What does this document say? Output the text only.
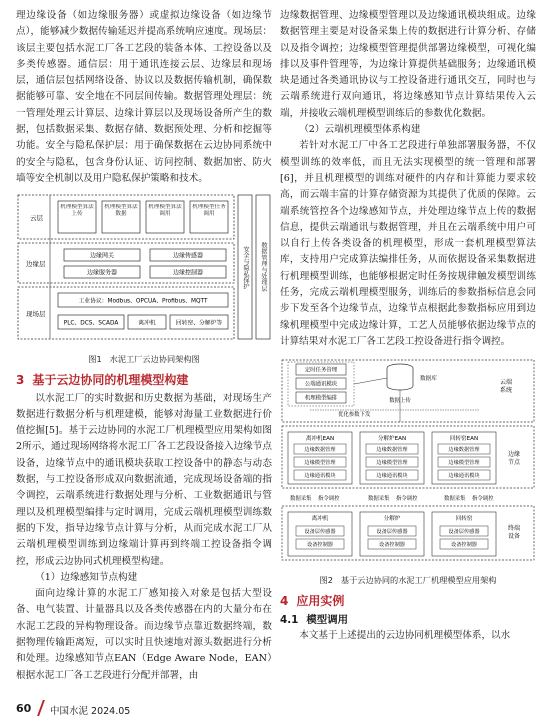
理边缘设备（如边缘服务器）或虚拟边缘设备（如边缘节点），能够减少数据传输延迟并提高系统响应速度。现场层：该层主要包括水泥工厂各工艺段的装备本体、工控设备以及多类传感器。通信层：用于通讯连接云层、边缘层和现场层，通信层包括网络设备、协议以及数据传输机制，确保数据能够可靠、安全地在不同层间传输。数据管理处理层：统一管理处理云计算层、边缘计算层以及现场设备所产生的数据，包括数据采集、数据存储、数据预处理、分析和挖掘等功能。安全与隐私保护层：用于确保数据在云边协同系统中的安全与隐私，包含身份认证、访问控制、数据加密、防火墙等安全机制以及用户隐私保护策略和技术。

云层
边缘层
现场层
机理模型算法上传
机理模型算法数据
机理模型算法调用
机理模型任务调用
边缘网关	边缘传感器
边缘服务器	边缘控制器
工业协议：Modbus、OPCUA、Profibus、MQTT
PLC、DCS、SCADA	离冲机	回转窑、分解炉等
安全与隐私保护 数据管理与处理层
图1 水泥工厂云边协同架构图
3 基于云边协同的机理模型构建

以水泥工厂的实时数据和历史数据为基础，对现场生产数据进行数据分析与机理建模，能够对海量工业数据进行价值挖掘[5]。基于云边协同的水泥工厂机理模型应用架构如图2所示，通过现场网络将水泥工厂各工艺段设备接入边缘节点设备，边缘节点中的通讯模块获取工控设备中的静态与动态数据，与工控设备形成双向数据流通，完成现场设备端的指令调控，云端系统进行数据处理与分析、工业数据通讯与管理以及机理模型编排与定时调用，完成云端机理模型训练数据的下发，指导边缘节点计算与分析，从而完成水泥工厂从云端机理模型训练到边缘端计算再到终端工控设备指令调控，形成云边协同式机理模型构建。

（1）边缘感知节点构建

面向边缘计算的水泥工厂感知接入对象是包括大型设备、电气装置、计量器具以及各类传感器在内的大量分布在水泥工艺段的异构物理设备。而边缘节点靠近数据终端，数据物理传输距离短，可以实时且快速地对源头数据进行分析和处理。边缘感知节点EAN（Edge Aware Node，EAN）根据水泥工厂各工艺段进行分配并部署，由

边缘数据管理、边缘模型管理以及边缘通讯模块组成。边缘数据管理主要是对设备采集上传的数据进行计算分析、存储以及指令调控；边缘模型管理提供部署边缘模型，可视化编排以及事件管理等，为边缘计算提供基础服务；边缘通讯模块是通过各类通讯协议与工控设备进行通讯交互，同时也与云端系统进行双向通讯，将边缘感知节点计算结果传入云端，并接收云端机理模型训练后的参数优化数据。

（2）云端机理模型体系构建

若针对水泥工厂中各工艺段进行单独部署服务器，不仅模型训练的效率低，而且无法实现模型的统一管理和部署[6]，并且机理模型的训练对硬件的内存和计算能力要求较高，而云端丰富的计算存储资源为其提供了优质的保障。云端系统管控各个边缘感知节点，并处理边缘节点上传的数据信息，提供云端通讯与数据管理，并且在云端系统中用户可以自行上传各类设备的机理模型，形成一套机理模型算法库，支持用户完成算法编排任务，从而依据设备采集数据进行机理模型训练，也能够根据定时任务按规律触发模型训练任务，完成云端机理模型服务，训练后的参数指标信息会同步下发至各个边缘节点，边缘节点根据此参数指标应用到边缘机理模型中完成边缘计算，工艺人员能够依据边缘节点的计算结果对水泥工厂各工艺段工控设备进行指令调控。

定时任务管理
公端通讯模块
机理模型编排
数据库	云端系统
优化参数下发
数据上传
边缘节点
离冲机EAN
边缘数据管理
边缘模型管理
边缘通讯模块
分解炉EAN
边缘数据管理
边缘模型管理
边缘通讯模块
回转窑EAN
边缘数据管理
边缘模型管理
边缘通讯模块
数据采集 指令调控	数据采集 指令调控	数据采集 指令调控
终端设备
离冲机
设备层传感器
设备控制器
分解炉
设备层传感器
设备控制器
回转窑
设备层传感器
设备控制器
图2 基于云边协同的水泥工厂机理模型应用架构
4 应用实例
4.1 模型调用

本文基于上述提出的云边协同机理模型体系，以水

60 中国水泥 2024.05
